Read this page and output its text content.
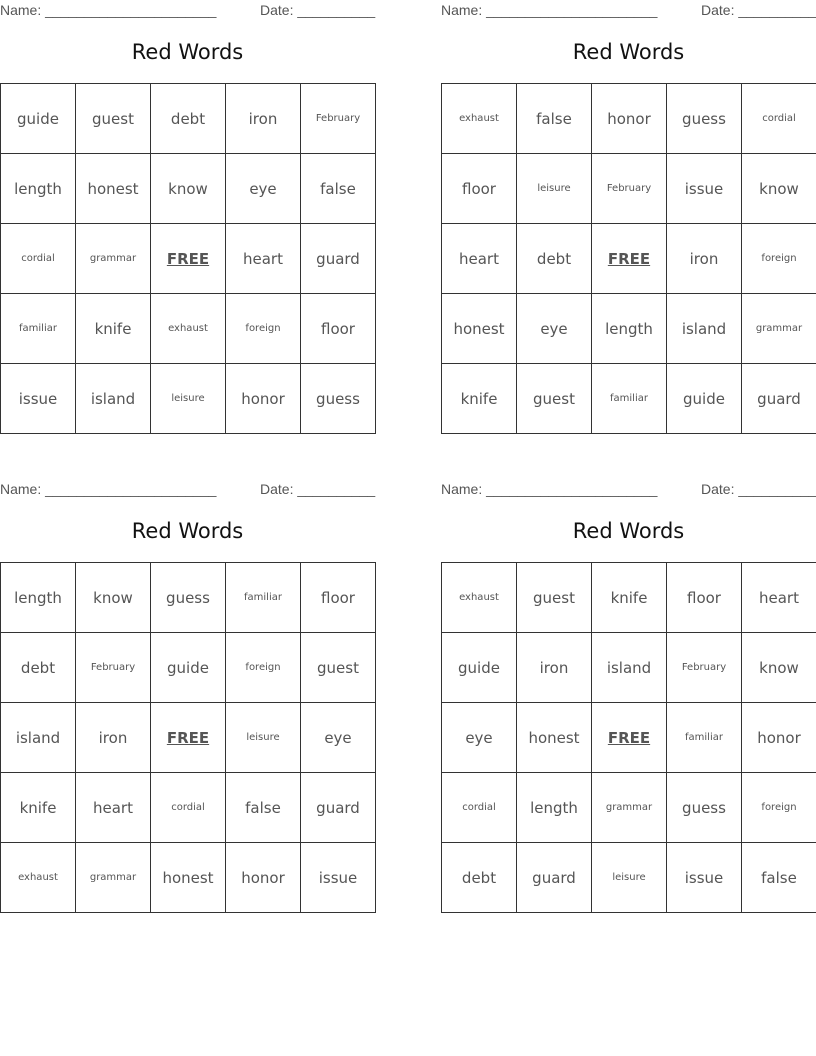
Name: ______________________	Date: __________
Red Words
guide	guest	debt	iron	February
length	honest	know	eye	false
cordial	grammar	FREE	heart	guard
familiar	knife	exhaust	foreign	floor
issue	island	leisure	honor	guess
Name: ______________________	Date: __________
Red Words
exhaust	false	honor	guess	cordial
floor	leisure	February	issue	know
heart	debt	FREE	iron	foreign
honest	eye	length	island	grammar
knife	guest	familiar	guide	guard
Name: ______________________	Date: __________
Red Words
length	know	guess	familiar	floor
debt	February	guide	foreign	guest
island	iron	FREE	leisure	eye
knife	heart	cordial	false	guard
exhaust	grammar	honest	honor	issue
Name: ______________________	Date: __________
Red Words
exhaust	guest	knife	floor	heart
guide	iron	island	February	know
eye	honest	FREE	familiar	honor
cordial	length	grammar	guess	foreign
debt	guard	leisure	issue	false
